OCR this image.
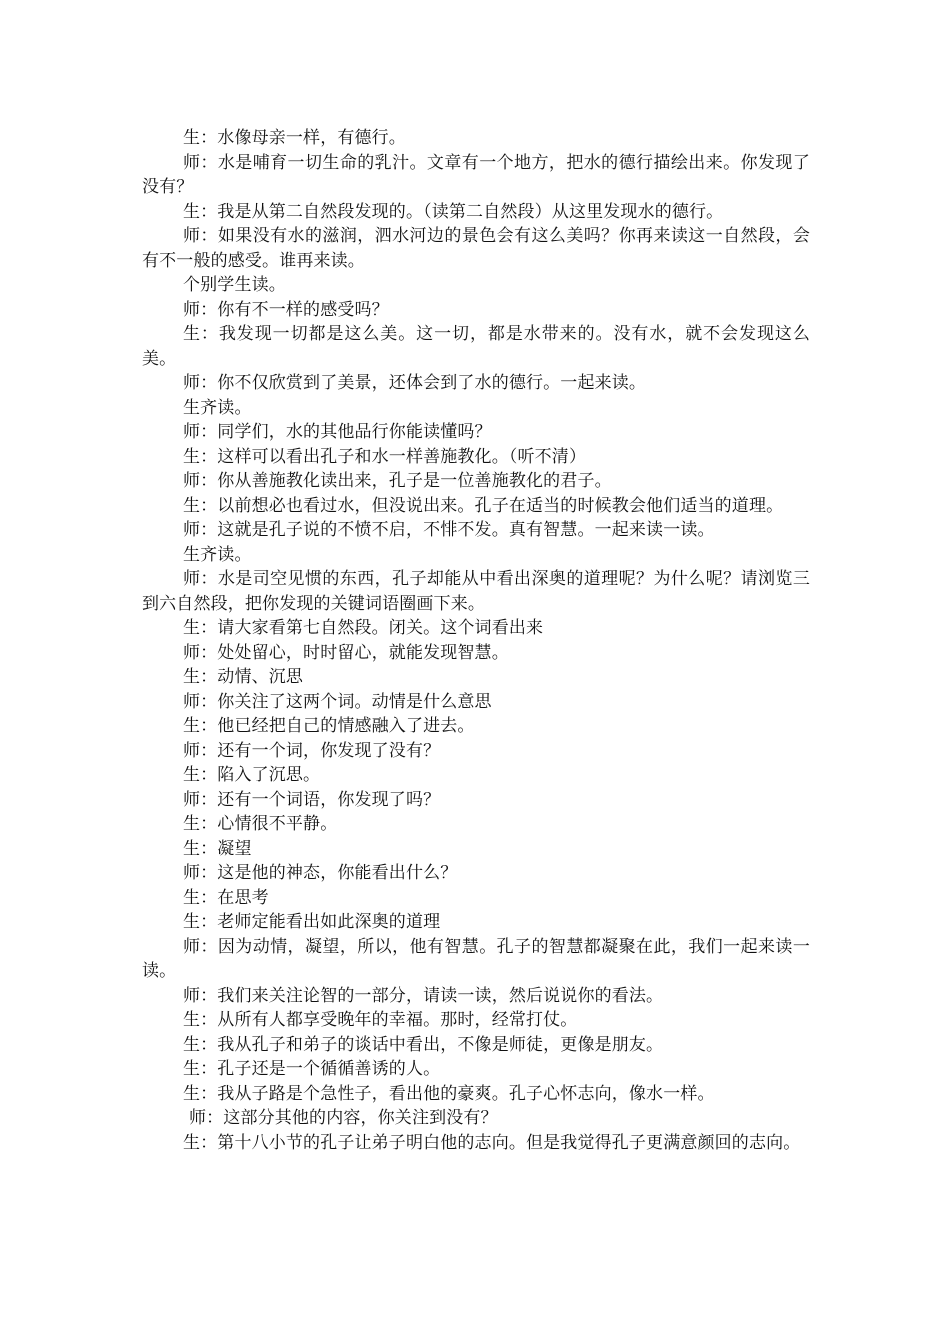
生：水像母亲一样，有德行。

师：水是哺育一切生命的乳汁。文章有一个地方，把水的德行描绘出来。你发现了没有？

生：我是从第二自然段发现的。（读第二自然段）从这里发现水的德行。

师：如果没有水的滋润，泗水河边的景色会有这么美吗？你再来读这一自然段，会有不一般的感受。谁再来读。

个别学生读。

师：你有不一样的感受吗？

生：我发现一切都是这么美。这一切，都是水带来的。没有水，就不会发现这么美。

师：你不仅欣赏到了美景，还体会到了水的德行。一起来读。

生齐读。

师：同学们，水的其他品行你能读懂吗？

生：这样可以看出孔子和水一样善施教化。（听不清）

师：你从善施教化读出来，孔子是一位善施教化的君子。

生：以前想必也看过水，但没说出来。孔子在适当的时候教会他们适当的道理。

师：这就是孔子说的不愤不启，不悱不发。真有智慧。一起来读一读。

生齐读。

师：水是司空见惯的东西，孔子却能从中看出深奥的道理呢？为什么呢？请浏览三到六自然段，把你发现的关键词语圈画下来。

生：请大家看第七自然段。闭关。这个词看出来

师：处处留心，时时留心，就能发现智慧。

生：动情、沉思

师：你关注了这两个词。动情是什么意思

生：他已经把自己的情感融入了进去。

师：还有一个词，你发现了没有？

生：陷入了沉思。

师：还有一个词语，你发现了吗？

生：心情很不平静。

生：凝望

师：这是他的神态，你能看出什么？

生：在思考

生：老师定能看出如此深奥的道理

师：因为动情，凝望，所以，他有智慧。孔子的智慧都凝聚在此，我们一起来读一读。

师：我们来关注论智的一部分，请读一读，然后说说你的看法。

生：从所有人都享受晚年的幸福。那时，经常打仗。

生：我从孔子和弟子的谈话中看出，不像是师徒，更像是朋友。

生：孔子还是一个循循善诱的人。

生：我从子路是个急性子，看出他的豪爽。孔子心怀志向，像水一样。

师：这部分其他的内容，你关注到没有？

生：第十八小节的孔子让弟子明白他的志向。但是我觉得孔子更满意颜回的志向。
